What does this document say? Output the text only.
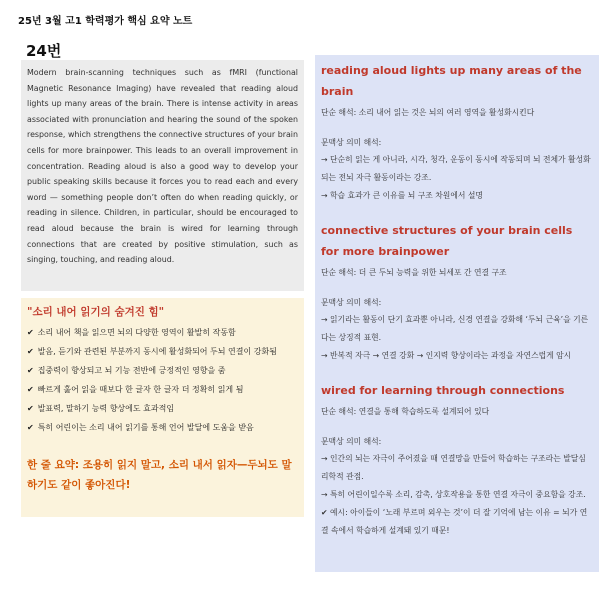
25년 3월 고1 학력평가 핵심 요약 노트
24번
Modern brain-scanning techniques such as fMRI (functional Magnetic Resonance Imaging) have revealed that reading aloud lights up many areas of the brain. There is intense activity in areas associated with pronunciation and hearing the sound of the spoken response, which strengthens the connective structures of your brain cells for more brainpower. This leads to an overall improvement in concentration. Reading aloud is also a good way to develop your public speaking skills because it forces you to read each and every word — something people don’t often do when reading quickly, or reading in silence. Children, in particular, should be encouraged to read aloud because the brain is wired for learning through connections that are created by positive stimulation, such as singing, touching, and reading aloud.
"소리 내어 읽기의 숨겨진 힘"
✔ 소리 내어 책을 읽으면 뇌의 다양한 영역이 활발히 작동함
✔ 발음, 듣기와 관련된 부분까지 동시에 활성화되어 두뇌 연결이 강화됨
✔ 집중력이 향상되고 뇌 기능 전반에 긍정적인 영향을 줌
✔ 빠르게 훑어 읽을 때보다 한 글자 한 글자 더 정확히 읽게 됨
✔ 발표력, 말하기 능력 향상에도 효과적임
✔ 특히 어린이는 소리 내어 읽기를 통해 언어 발달에 도움을 받음
한 줄 요약: 조용히 읽지 말고, 소리 내서 읽자—두뇌도 말하기도 같이 좋아진다!
reading aloud lights up many areas of the brain
단순 해석: 소리 내어 읽는 것은 뇌의 여러 영역을 활성화시킨다
문맥상 의미 해석:
→ 단순히 읽는 게 아니라, 시각, 청각, 운동이 동시에 작동되며 뇌 전체가 활성화되는 전뇌 자극 활동이라는 강조.
→ 학습 효과가 큰 이유를 뇌 구조 차원에서 설명
connective structures of your brain cells for more brainpower
단순 해석: 더 큰 두뇌 능력을 위한 뇌세포 간 연결 구조
문맥상 의미 해석:
→ 읽기라는 활동이 단기 효과뿐 아니라, 신경 연결을 강화해 ‘두뇌 근육’을 기른다는 상징적 표현.
→ 반복적 자극 → 연결 강화 → 인지력 향상이라는 과정을 자연스럽게 암시
wired for learning through connections
단순 해석: 연결을 통해 학습하도록 설계되어 있다
문맥상 의미 해석:
→ 인간의 뇌는 자극이 주어졌을 때 연결망을 만들어 학습하는 구조라는 발달심리학적 관점.
→ 특히 어린이일수록 소리, 감촉, 상호작용을 통한 연결 자극이 중요함을 강조.
✔ 예시: 아이들이 ‘노래 부르며 외우는 것’이 더 잘 기억에 남는 이유 = 뇌가 연결 속에서 학습하게 설계돼 있기 때문!
